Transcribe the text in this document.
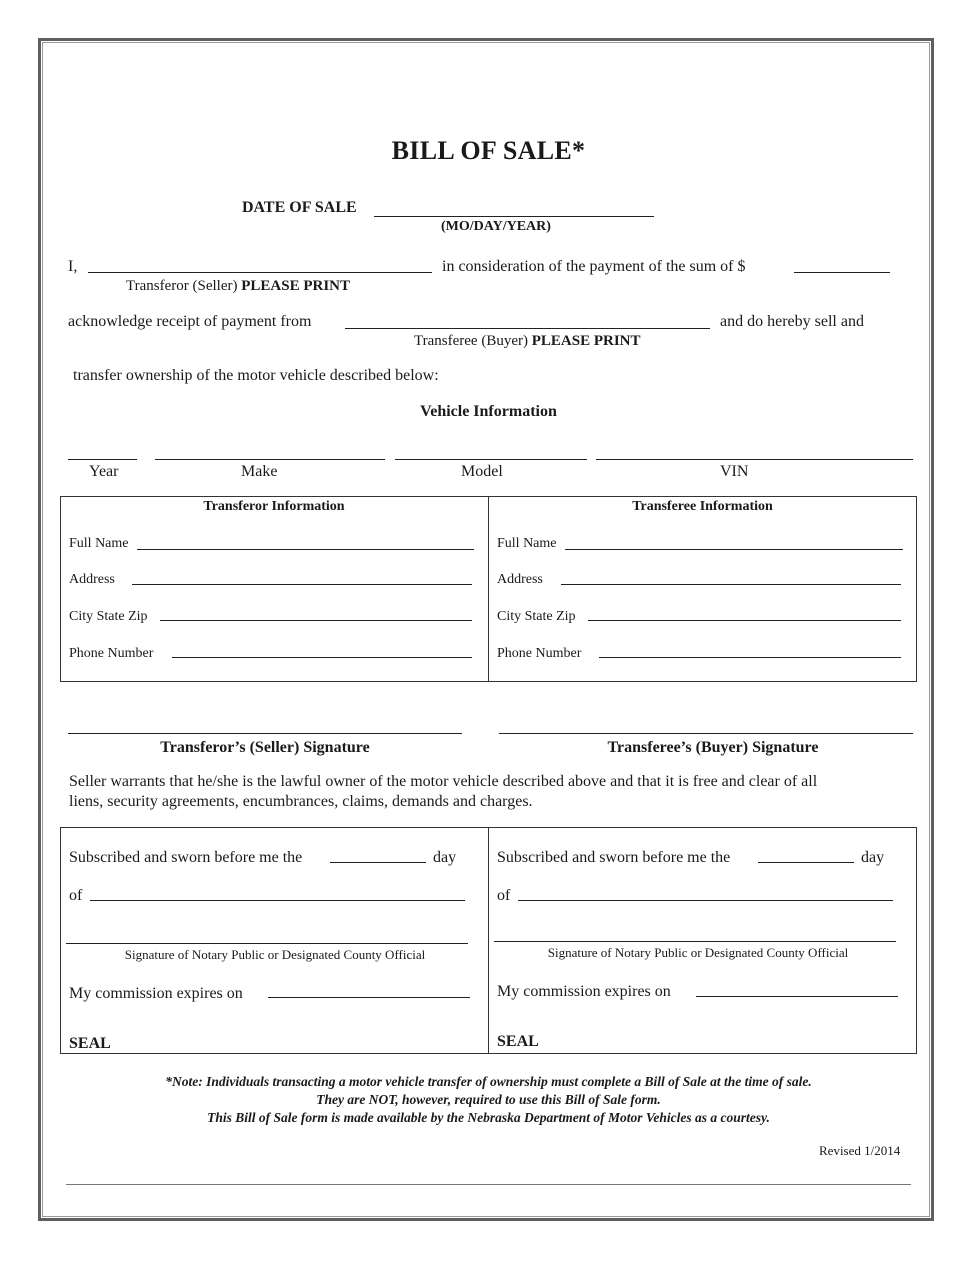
BILL OF SALE*
DATE OF SALE
(MO/DAY/YEAR)
I,	in consideration of the payment of the sum of $
Transferor (Seller) PLEASE PRINT
acknowledge receipt of payment from	and do hereby sell and
Transferee (Buyer) PLEASE PRINT
transfer ownership of the motor vehicle described below:
Vehicle Information
Year	Make	Model	VIN
Transferor Information
Full Name
Address
City State Zip
Phone Number
Transferee Information
Full Name
Address
City State Zip
Phone Number
Transferor’s (Seller) Signature	Transferee’s (Buyer) Signature
Seller warrants that he/she is the lawful owner of the motor vehicle described above and that it is free and clear of all
liens, security agreements, encumbrances, claims, demands and charges.
Subscribed and sworn before me the	day
of
Signature of Notary Public or Designated County Official
My commission expires on
SEAL
Subscribed and sworn before me the	day
of
Signature of Notary Public or Designated County Official
My commission expires on
SEAL
*Note: Individuals transacting a motor vehicle transfer of ownership must complete a Bill of Sale at the time of sale.
They are NOT, however, required to use this Bill of Sale form.
This Bill of Sale form is made available by the Nebraska Department of Motor Vehicles as a courtesy.
Revised 1/2014
